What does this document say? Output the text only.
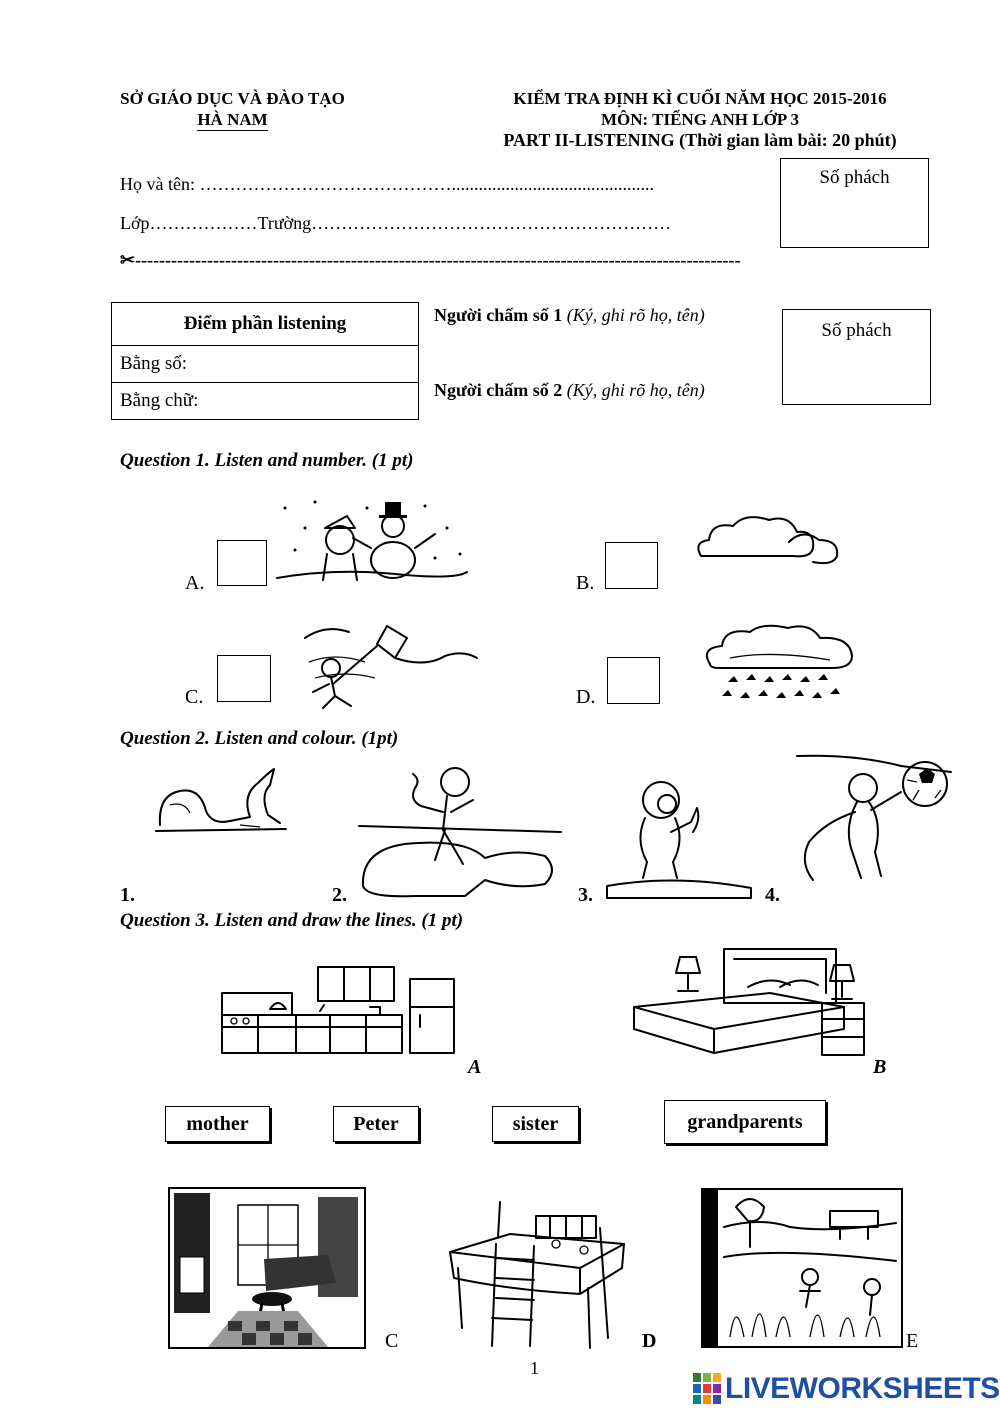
SỞ GIÁO DỤC VÀ ĐÀO TẠO
HÀ NAM
KIỂM TRA ĐỊNH KÌ CUỐI NĂM HỌC 2015-2016
MÔN: TIẾNG ANH LỚP 3
PART II-LISTENING (Thời gian làm bài: 20 phút)
Họ và tên: …………………………………….............................................
Lớp………………Trường……………………………………………………
Số phách
✂-----------------------------------------------------------------------------------------------------
Điểm phần listening
Bằng số:
Bằng chữ:
Người chấm số 1 (Ký, ghi rõ họ, tên)
Người chấm số 2 (Ký, ghi rõ họ, tên)
Số phách
Question 1. Listen and number. (1 pt)
A.	B.
C.	D.
Question 2. Listen and colour. (1pt)
1.	2.	3.	4.
Question 3. Listen and draw the lines. (1 pt)
A	B
mother	Peter	sister	grandparents
C	D	E
1
LIVEWORKSHEETS
